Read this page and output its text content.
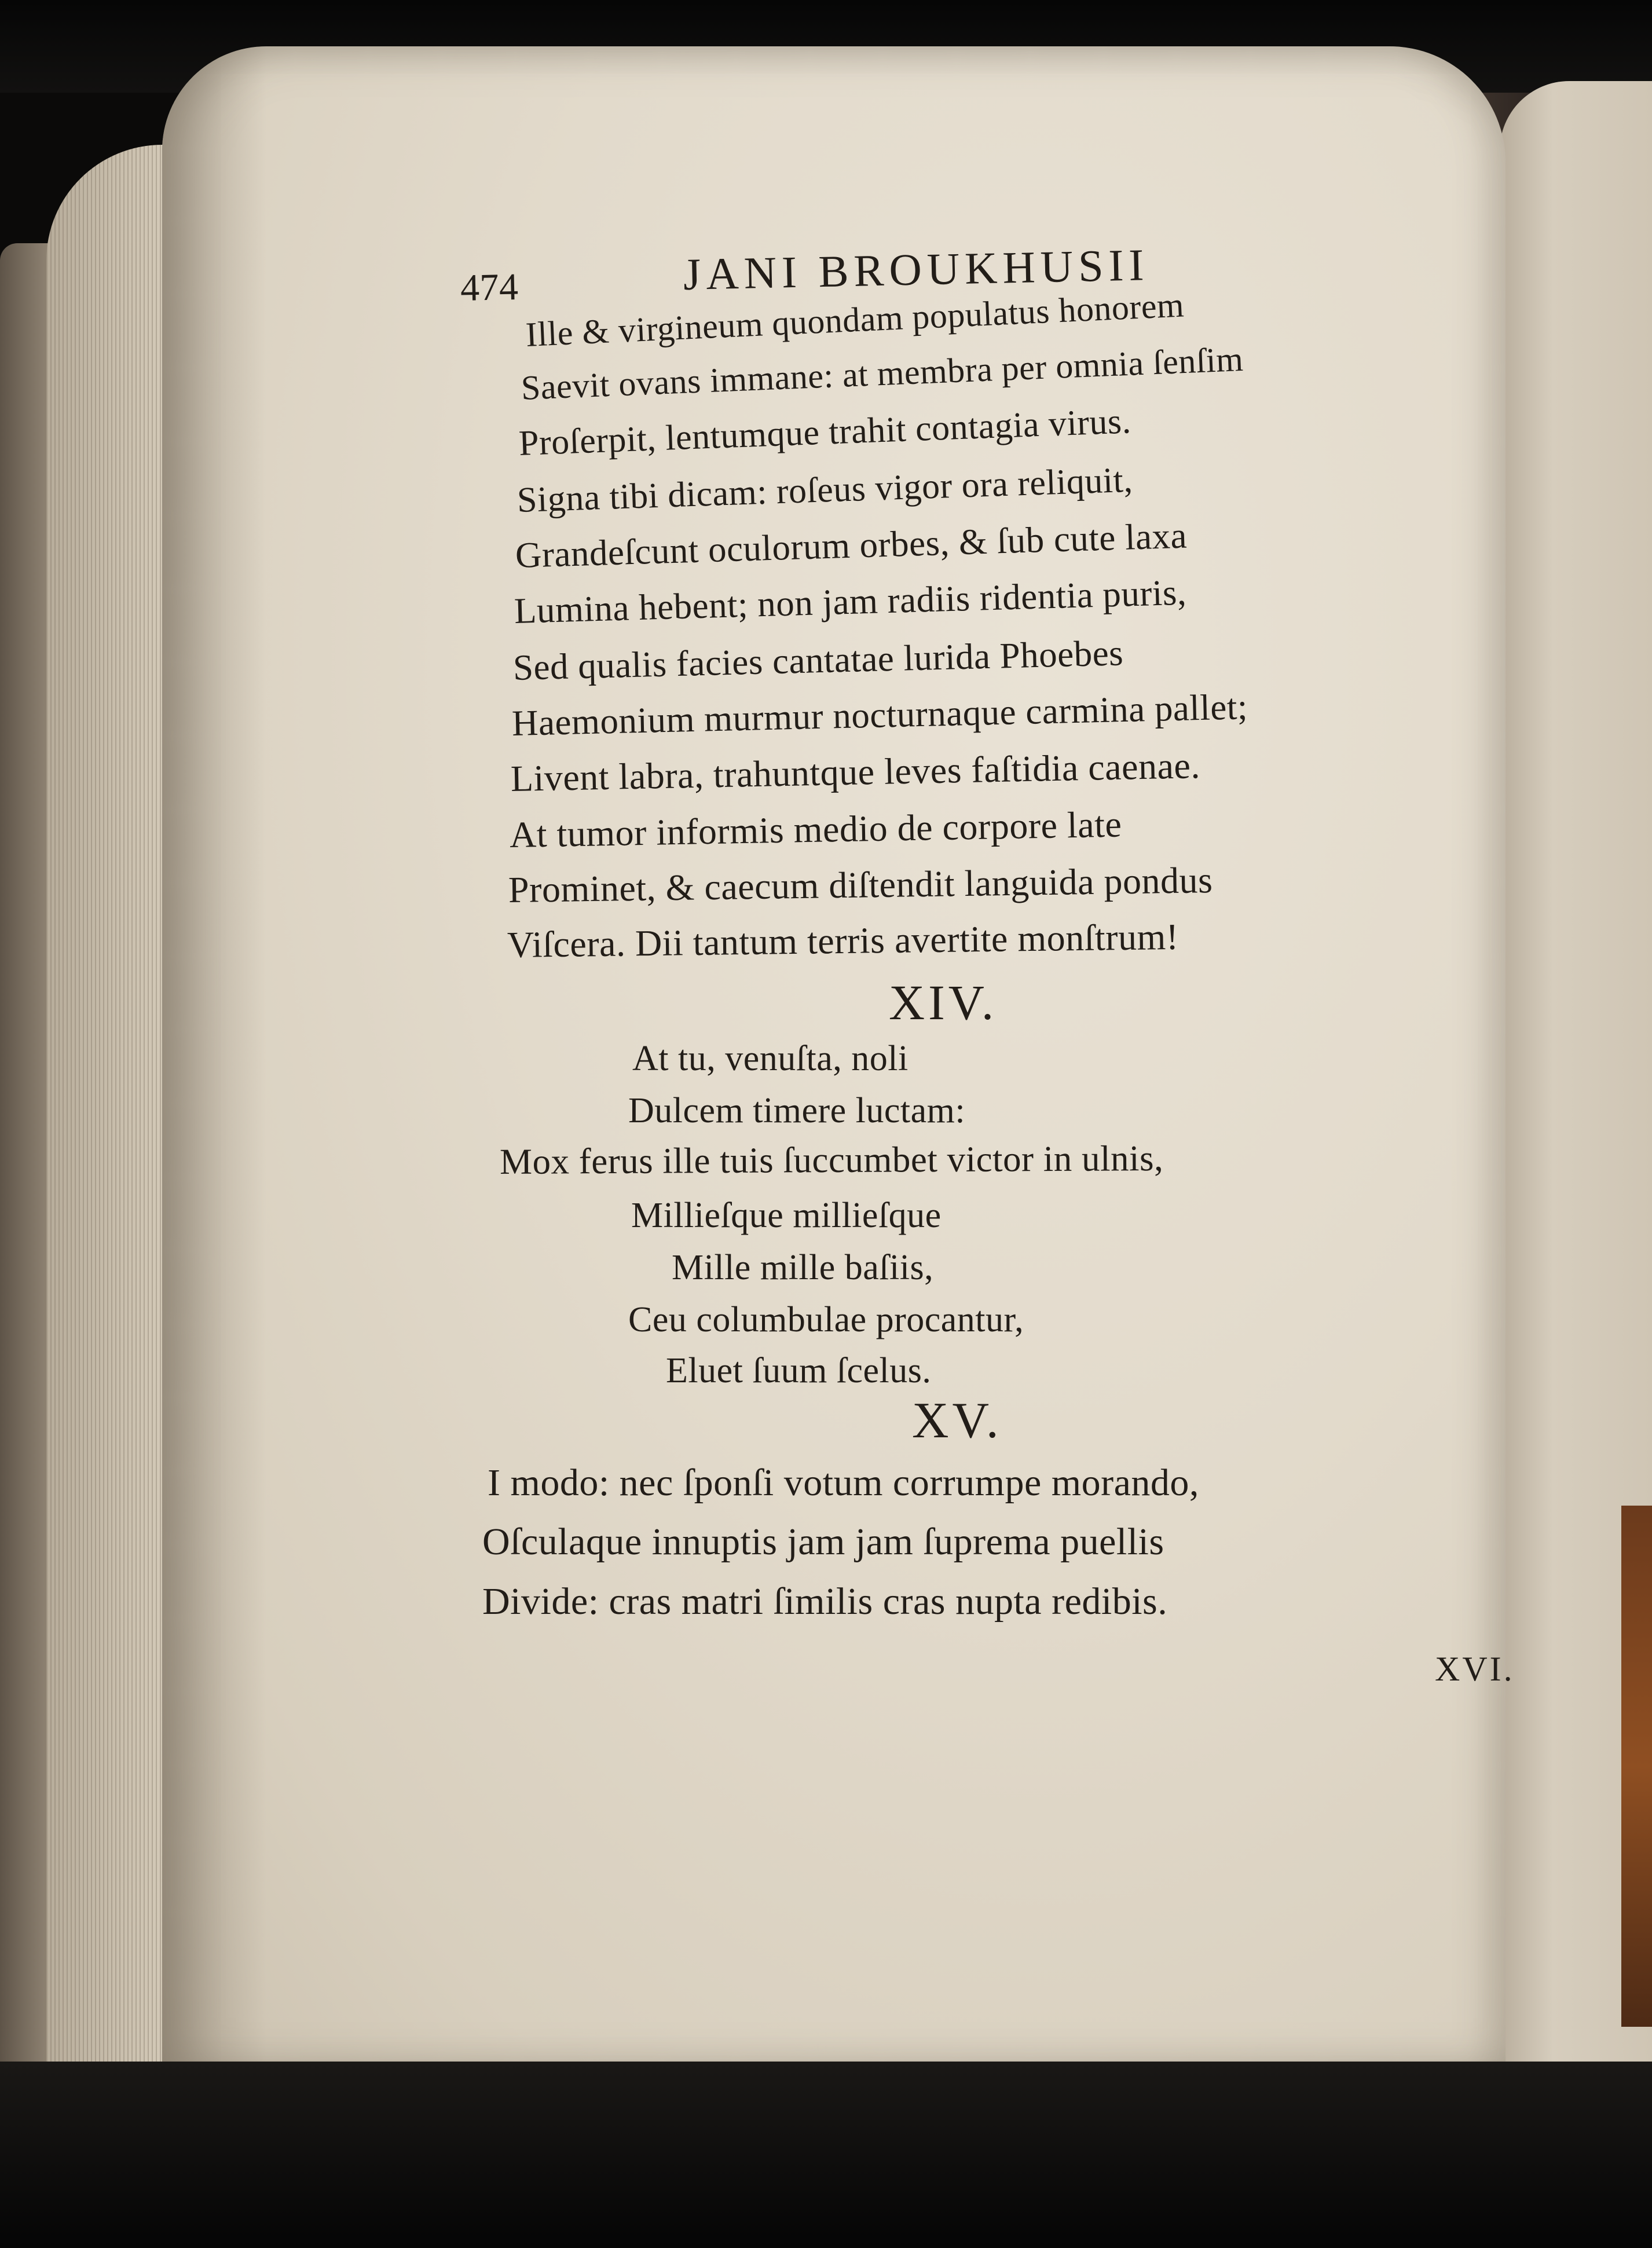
474	JANI BROUKHUSII
Ille & virgineum quondam populatus honorem
Saevit ovans immane: at membra per omnia ſenſim
Proſerpit, lentumque trahit contagia virus.
Signa tibi dicam: roſeus vigor ora reliquit,
Grandeſcunt oculorum orbes, & ſub cute laxa
Lumina hebent; non jam radiis ridentia puris,
Sed qualis facies cantatae lurida Phoebes
Haemonium murmur nocturnaque carmina pallet;
Livent labra, trahuntque leves faſtidia caenae.
At tumor informis medio de corpore late
Prominet, & caecum diſtendit languida pondus
Viſcera. Dii tantum terris avertite monſtrum!
XIV.
At tu, venuſta, noli
Dulcem timere luctam:
Mox ferus ille tuis ſuccumbet victor in ulnis,
Millieſque millieſque
Mille mille baſiis,
Ceu columbulae procantur,
Eluet ſuum ſcelus.
XV.
I modo: nec ſponſi votum corrumpe morando,
Oſculaque innuptis jam jam ſuprema puellis
Divide: cras matri ſimilis cras nupta redibis.
XVI.
